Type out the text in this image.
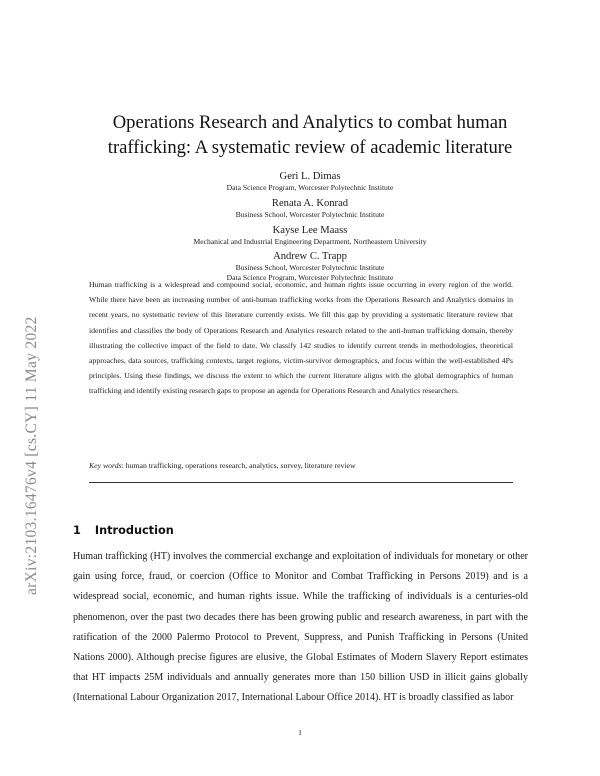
arXiv:2103.16476v4 [cs.CY] 11 May 2022
Operations Research and Analytics to combat human
trafficking: A systematic review of academic literature
Geri L. Dimas
Data Science Program, Worcester Polytechnic Institute
Renata A. Konrad
Business School, Worcester Polytechnic Institute
Kayse Lee Maass
Mechanical and Industrial Engineering Department, Northeastern University
Andrew C. Trapp
Business School, Worcester Polytechnic Institute
Data Science Program, Worcester Polytechnic Institute

Human trafficking is a widespread and compound social, economic, and human rights issue occurring in every region of the world. While there have been an increasing number of anti-human trafficking works from the Operations Research and Analytics domains in recent years, no systematic review of this literature currently exists. We fill this gap by providing a systematic literature review that identifies and classifies the body of Operations Research and Analytics research related to the anti-human trafficking domain, thereby illustrating the collective impact of the field to date. We classify 142 studies to identify current trends in methodologies, theoretical approaches, data sources, trafficking contexts, target regions, victim-survivor demographics, and focus within the well-established 4Ps principles. Using these findings, we discuss the extent to which the current literature aligns with the global demographics of human trafficking and identify existing research gaps to propose an agenda for Operations Research and Analytics researchers.

Key words: human trafficking, operations research, analytics, survey, literature review

1 Introduction

Human trafficking (HT) involves the commercial exchange and exploitation of individuals for monetary or other gain using force, fraud, or coercion (Office to Monitor and Combat Trafficking in Persons 2019) and is a widespread social, economic, and human rights issue. While the trafficking of individuals is a centuries-old phenomenon, over the past two decades there has been growing public and research awareness, in part with the ratification of the 2000 Palermo Protocol to Prevent, Suppress, and Punish Trafficking in Persons (United Nations 2000). Although precise figures are elusive, the Global Estimates of Modern Slavery Report estimates that HT impacts 25M individuals and annually generates more than 150 billion USD in illicit gains globally (International Labour Organization 2017, International Labour Office 2014). HT is broadly classified as labor

1
